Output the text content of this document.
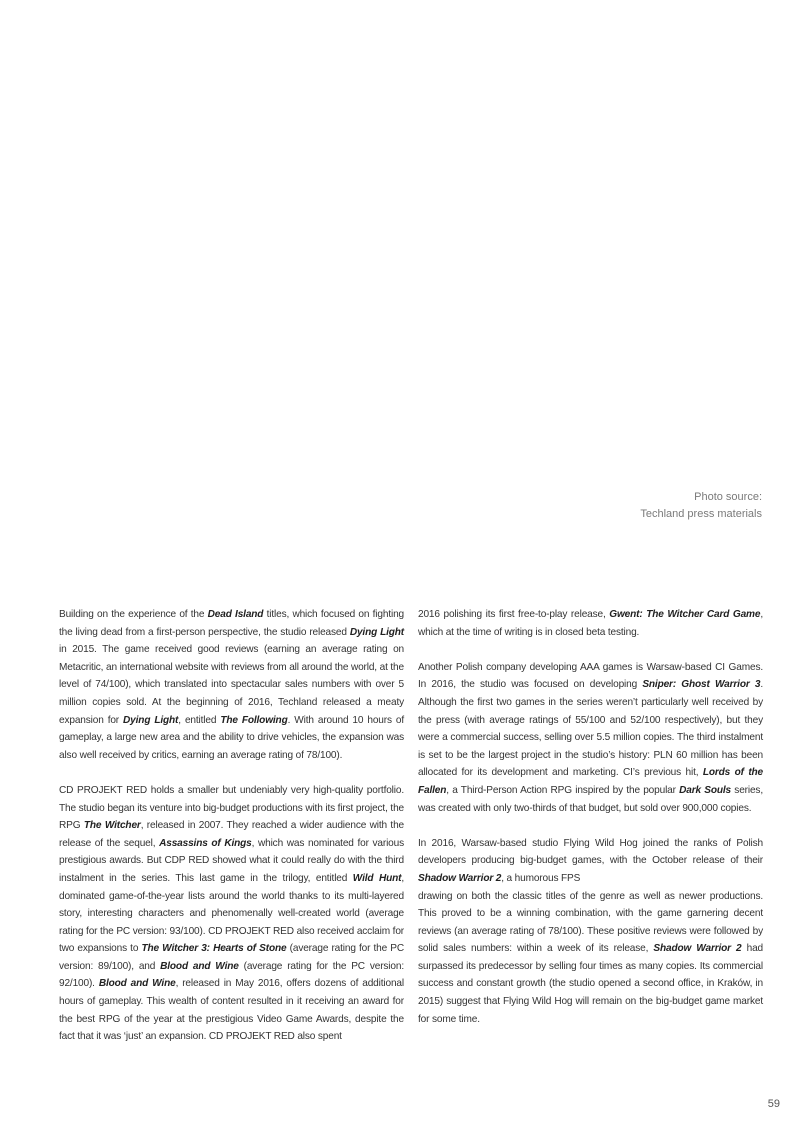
Photo source:
Techland press materials

Building on the experience of the Dead Island titles, which focused on fighting the living dead from a first-person perspective, the studio released Dying Light in 2015. The game received good reviews (earning an average rating on Metacritic, an international website with reviews from all around the world, at the level of 74/100), which translated into spectacular sales numbers with over 5 million copies sold. At the beginning of 2016, Techland released a meaty expansion for Dying Light, entitled The Following. With around 10 hours of gameplay, a large new area and the ability to drive vehicles, the expansion was also well received by critics, earning an average rating of 78/100).

CD PROJEKT RED holds a smaller but undeniably very high-quality portfolio. The studio began its venture into big-budget productions with its first project, the RPG The Witcher, released in 2007. They reached a wider audience with the release of the sequel, Assassins of Kings, which was nominated for various prestigious awards. But CDP RED showed what it could really do with the third instalment in the series. This last game in the trilogy, entitled Wild Hunt, dominated game-of-the-year lists around the world thanks to its multi-layered story, interesting characters and phenomenally well-created world (average rating for the PC version: 93/100). CD PROJEKT RED also received acclaim for two expansions to The Witcher 3: Hearts of Stone (average rating for the PC version: 89/100), and Blood and Wine (average rating for the PC version: 92/100). Blood and Wine, released in May 2016, offers dozens of additional hours of gameplay. This wealth of content resulted in it receiving an award for the best RPG of the year at the prestigious Video Game Awards, despite the fact that it was ‘just’ an expansion. CD PROJEKT RED also spent

2016 polishing its first free-to-play release, Gwent: The Witcher Card Game, which at the time of writing is in closed beta testing.

Another Polish company developing AAA games is Warsaw-based CI Games. In 2016, the studio was focused on developing Sniper: Ghost Warrior 3. Although the first two games in the series weren’t particularly well received by the press (with average ratings of 55/100 and 52/100 respectively), but they were a commercial success, selling over 5.5 million copies. The third instalment is set to be the largest project in the studio’s history: PLN 60 million has been allocated for its development and marketing. CI’s previous hit, Lords of the Fallen, a Third-Person Action RPG inspired by the popular Dark Souls series, was created with only two-thirds of that budget, but sold over 900,000 copies.

In 2016, Warsaw-based studio Flying Wild Hog joined the ranks of Polish developers producing big-budget games, with the October release of their Shadow Warrior 2, a humorous FPS

drawing on both the classic titles of the genre as well as newer productions. This proved to be a winning combination, with the game garnering decent reviews (an average rating of 78/100). These positive reviews were followed by solid sales numbers: within a week of its release, Shadow Warrior 2 had surpassed its predecessor by selling four times as many copies. Its commercial success and constant growth (the studio opened a second office, in Kraków, in 2015) suggest that Flying Wild Hog will remain on the big-budget game market for some time.

59
